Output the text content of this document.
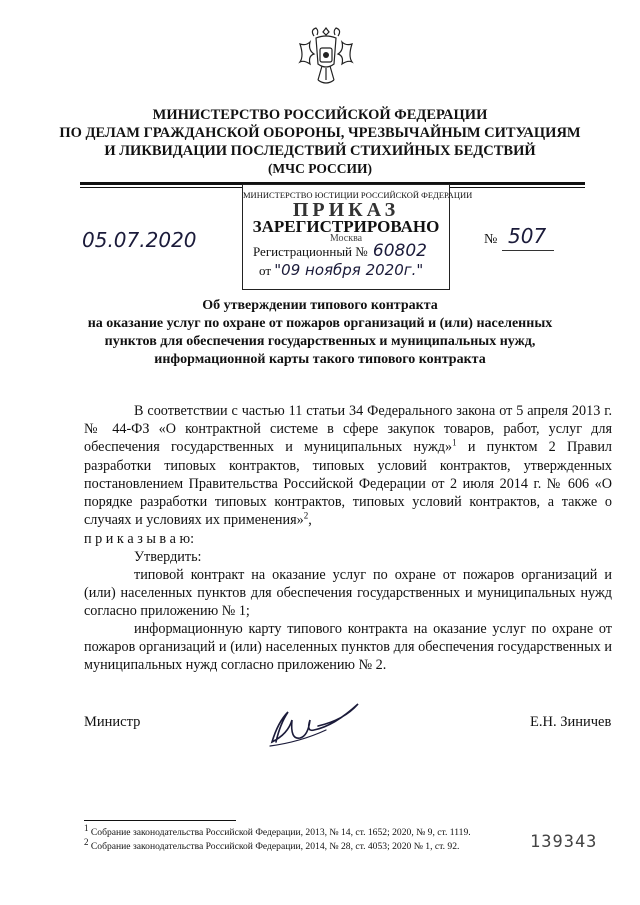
МИНИСТЕРСТВО РОССИЙСКОЙ ФЕДЕРАЦИИ
ПО ДЕЛАМ ГРАЖДАНСКОЙ ОБОРОНЫ, ЧРЕЗВЫЧАЙНЫМ СИТУАЦИЯМ
И ЛИКВИДАЦИИ ПОСЛЕДСТВИЙ СТИХИЙНЫХ БЕДСТВИЙ
(МЧС РОССИИ)
МИНИСТЕРСТВО ЮСТИЦИИ РОССИЙСКОЙ ФЕДЕРАЦИИ
ПРИКАЗ
ЗАРЕГИСТРИРОВАНО
Москва
Регистрационный № 60802
от "09 ноября 2020г."
05.07.2020	№ 507
Об утверждении типового контракта
на оказание услуг по охране от пожаров организаций и (или) населенных
пунктов для обеспечения государственных и муниципальных нужд,
информационной карты такого типового контракта
В соответствии с частью 11 статьи 34 Федерального закона от 5 апреля 2013 г. № 44-ФЗ «О контрактной системе в сфере закупок товаров, работ, услуг для обеспечения государственных и муниципальных нужд»$^1$ и пунктом 2 Правил разработки типовых контрактов, типовых условий контрактов, утвержденных постановлением Правительства Российской Федерации от 2 июля 2014 г. № 606 «О порядке разработки типовых контрактов, типовых условий контрактов, а также о случаях и условиях их применения»$^2$,
п р и к а з ы в а ю:
Утвердить:
типовой контракт на оказание услуг по охране от пожаров организаций и (или) населенных пунктов для обеспечения государственных и муниципальных нужд согласно приложению № 1;
информационную карту типового контракта на оказание услуг по охране от пожаров организаций и (или) населенных пунктов для обеспечения государственных и муниципальных нужд согласно приложению № 2.
Министр	Е.Н. Зиничев
$^1$ Собрание законодательства Российской Федерации, 2013, № 14, ст. 1652; 2020, № 9, ст. 1119.
$^2$ Собрание законодательства Российской Федерации, 2014, № 28, ст. 4053; 2020 № 1, ст. 92.	139343
